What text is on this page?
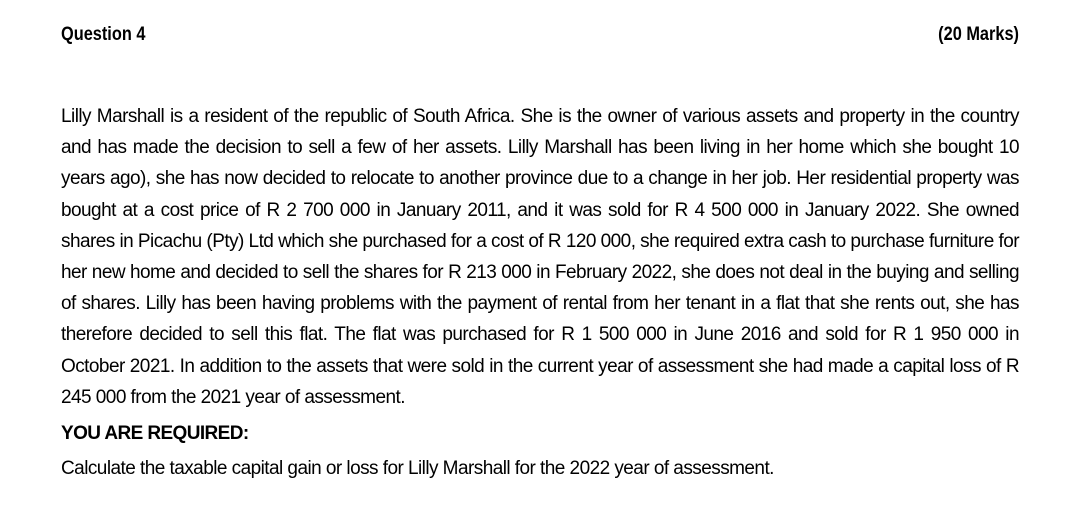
Question 4	(20 Marks)
Lilly Marshall is a resident of the republic of South Africa. She is the owner of various assets and property in the country and has made the decision to sell a few of her assets. Lilly Marshall has been living in her home which she bought 10 years ago), she has now decided to relocate to another province due to a change in her job. Her residential property was bought at a cost price of R 2 700 000 in January 2011, and it was sold for R 4 500 000 in January 2022. She owned shares in Picachu (Pty) Ltd which she purchased for a cost of R 120 000, she required extra cash to purchase furniture for her new home and decided to sell the shares for R 213 000 in February 2022, she does not deal in the buying and selling of shares. Lilly has been having problems with the payment of rental from her tenant in a flat that she rents out, she has therefore decided to sell this flat. The flat was purchased for R 1 500 000 in June 2016 and sold for R 1 950 000 in October 2021. In addition to the assets that were sold in the current year of assessment she had made a capital loss of R 245 000 from the 2021 year of assessment.
YOU ARE REQUIRED:
Calculate the taxable capital gain or loss for Lilly Marshall for the 2022 year of assessment.
